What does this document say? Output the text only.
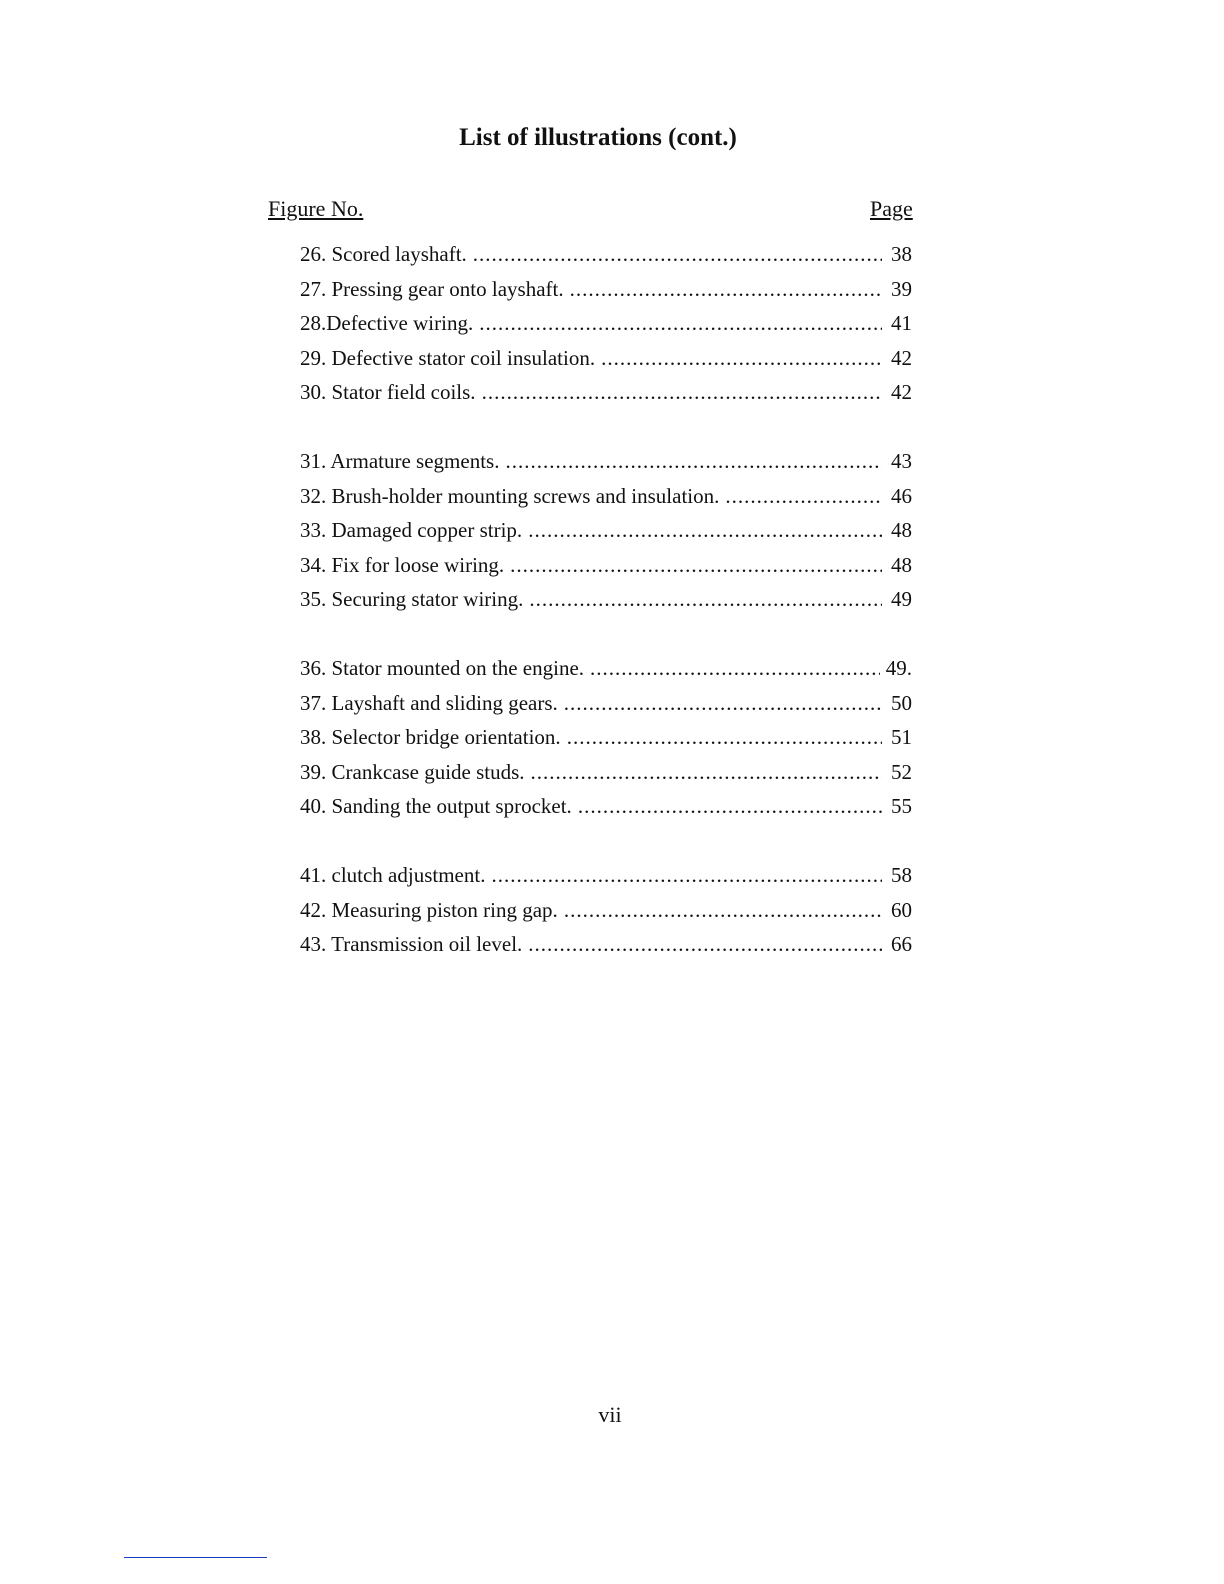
List of illustrations (cont.)
Figure No.	Page
26. Scored layshaft. .....	38
27. Pressing gear onto layshaft. .....	39
28.Defective wiring. .....	41
29. Defective stator coil insulation. .....	42
30. Stator field coils. .....	42
31. Armature segments. .....	43
32. Brush-holder mounting screws and insulation. .....	46
33. Damaged copper strip. .....	48
34. Fix for loose wiring. .....	48
35. Securing stator wiring. .....	49
36. Stator mounted on the engine. .....	49.
37. Layshaft and sliding gears. .....	50
38. Selector bridge orientation. .....	51
39. Crankcase guide studs. .....	52
40. Sanding the output sprocket. .....	55
41. clutch adjustment. .....	58
42. Measuring piston ring gap. .....	60
43. Transmission oil level. .....	66
vii
